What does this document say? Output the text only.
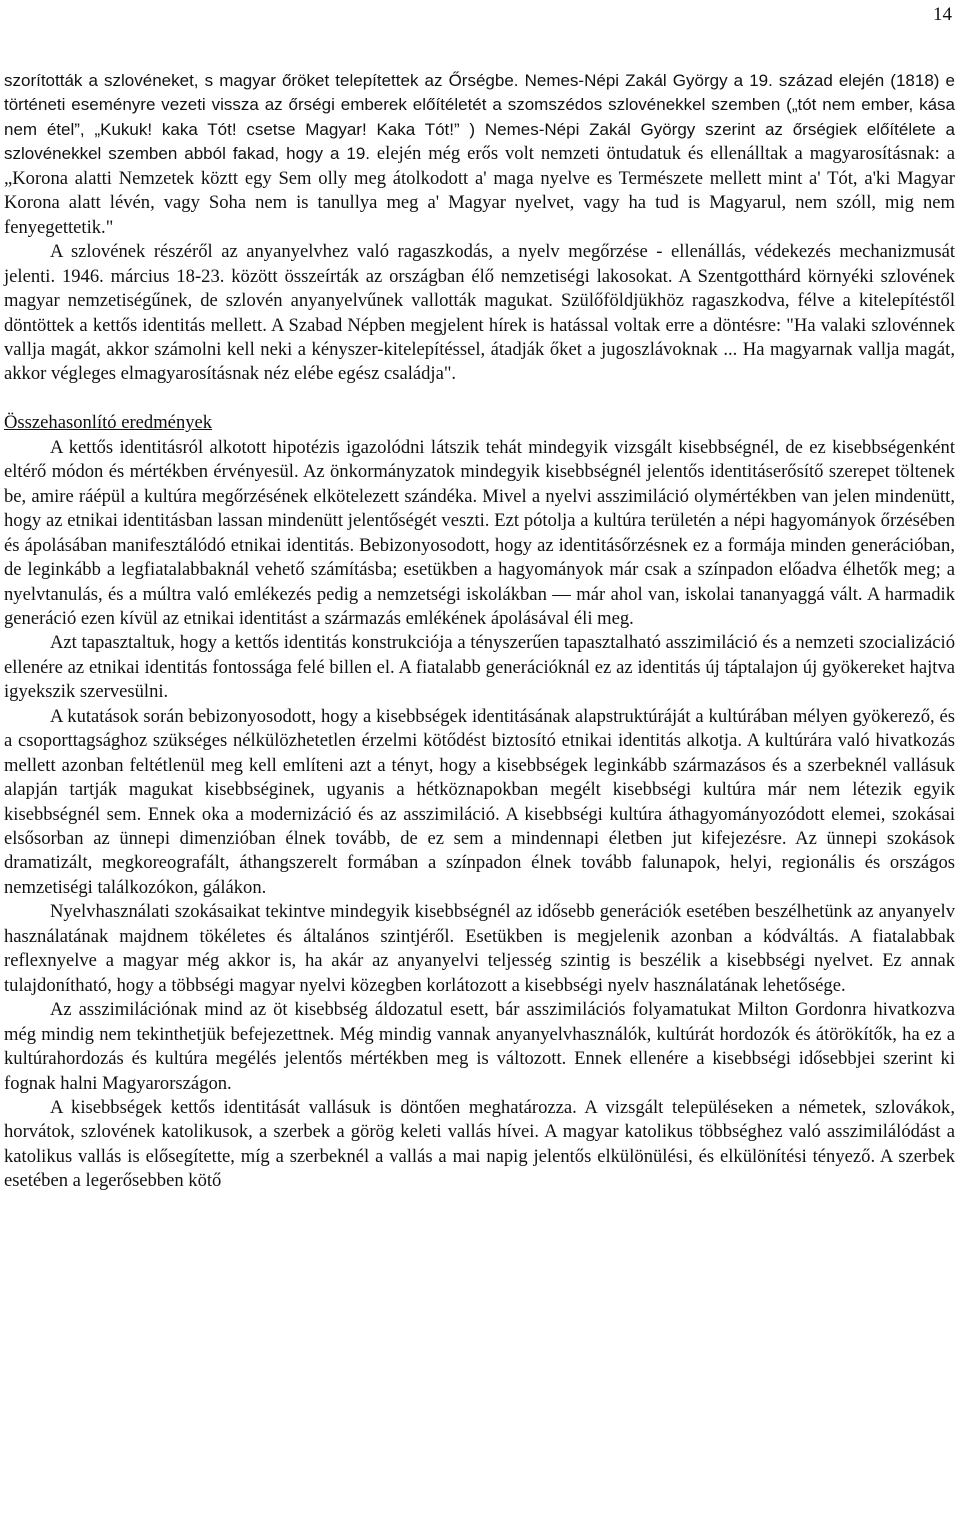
14

szorították a szlovéneket, s magyar őröket telepítettek az Őrségbe. Nemes-Népi Zakál György a 19. század elején (1818) e történeti eseményre vezeti vissza az őrségi emberek előítéletét a szomszédos szlovénekkel szemben („tót nem ember, kása nem étel”, „Kukuk! kaka Tót! csetse Magyar! Kaka Tót!” ) Nemes-Népi Zakál György szerint az őrségiek előítélete a szlovénekkel szemben abból fakad, hogy a 19. elején még erős volt nemzeti öntudatuk és ellenálltak a magyarosításnak: a „Korona alatti Nemzetek köztt egy Sem olly meg átolkodott a' maga nyelve es Természete mellett mint a' Tót, a'ki Magyar Korona alatt lévén, vagy Soha nem is tanullya meg a' Magyar nyelvet, vagy ha tud is Magyarul, nem szóll, mig nem fenyegettetik."

A szlovének részéről az anyanyelvhez való ragaszkodás, a nyelv megőrzése - ellenállás, védekezés mechanizmusát jelenti. 1946. március 18-23. között összeírták az országban élő nemzetiségi lakosokat. A Szentgotthárd környéki szlovének magyar nemzetiségűnek, de szlovén anyanyelvűnek vallották magukat. Szülőföldjükhöz ragaszkodva, félve a kitelepítéstől döntöttek a kettős identitás mellett. A Szabad Népben megjelent hírek is hatással voltak erre a döntésre: "Ha valaki szlovénnek vallja magát, akkor számolni kell neki a kényszer-kitelepítéssel, átadják őket a jugoszlávoknak ... Ha magyarnak vallja magát, akkor végleges elmagyarosításnak néz elébe egész családja".

Összehasonlító eredmények

A kettős identitásról alkotott hipotézis igazolódni látszik tehát mindegyik vizsgált kisebbségnél, de ez kisebbségenként eltérő módon és mértékben érvényesül. Az önkormányzatok mindegyik kisebbségnél jelentős identitáserősítő szerepet töltenek be, amire ráépül a kultúra megőrzésének elkötelezett szándéka. Mivel a nyelvi asszimiláció olymértékben van jelen mindenütt, hogy az etnikai identitásban lassan mindenütt jelentőségét veszti. Ezt pótolja a kultúra területén a népi hagyományok őrzésében és ápolásában manifesztálódó etnikai identitás. Bebizonyosodott, hogy az identitásőrzésnek ez a formája minden generációban, de leginkább a legfiatalabbaknál vehető számításba; esetükben a hagyományok már csak a színpadon előadva élhetők meg; a nyelvtanulás, és a múltra való emlékezés pedig a nemzetségi iskolákban — már ahol van, iskolai tananyaggá vált. A harmadik generáció ezen kívül az etnikai identitást a származás emlékének ápolásával éli meg.

Azt tapasztaltuk, hogy a kettős identitás konstrukciója a tényszerűen tapasztalható asszimiláció és a nemzeti szocializáció ellenére az etnikai identitás fontossága felé billen el. A fiatalabb generációknál ez az identitás új táptalajon új gyökereket hajtva igyekszik szervesülni.

A kutatások során bebizonyosodott, hogy a kisebbségek identitásának alapstruktúráját a kultúrában mélyen gyökerező, és a csoporttagsághoz szükséges nélkülözhetetlen érzelmi kötődést biztosító etnikai identitás alkotja. A kultúrára való hivatkozás mellett azonban feltétlenül meg kell említeni azt a tényt, hogy a kisebbségek leginkább származásos és a szerbeknél vallásuk alapján tartják magukat kisebbséginek, ugyanis a hétköznapokban megélt kisebbségi kultúra már nem létezik egyik kisebbségnél sem. Ennek oka a modernizáció és az asszimiláció. A kisebbségi kultúra áthagyományozódott elemei, szokásai elsősorban az ünnepi dimenzióban élnek tovább, de ez sem a mindennapi életben jut kifejezésre. Az ünnepi szokások dramatizált, megkoreografált, áthangszerelt formában a színpadon élnek tovább falunapok, helyi, regionális és országos nemzetiségi találkozókon, gálákon.

Nyelvhasználati szokásaikat tekintve mindegyik kisebbségnél az idősebb generációk esetében beszélhetünk az anyanyelv használatának majdnem tökéletes és általános szintjéről. Esetükben is megjelenik azonban a kódváltás. A fiatalabbak reflexnyelve a magyar még akkor is, ha akár az anyanyelvi teljesség szintig is beszélik a kisebbségi nyelvet. Ez annak tulajdonítható, hogy a többségi magyar nyelvi közegben korlátozott a kisebbségi nyelv használatának lehetősége.

Az asszimilációnak mind az öt kisebbség áldozatul esett, bár asszimilációs folyamatukat Milton Gordonra hivatkozva még mindig nem tekinthetjük befejezettnek. Még mindig vannak anyanyelvhasználók, kultúrát hordozók és átörökítők, ha ez a kultúrahordozás és kultúra megélés jelentős mértékben meg is változott. Ennek ellenére a kisebbségi idősebbjei szerint ki fognak halni Magyarországon.

A kisebbségek kettős identitását vallásuk is döntően meghatározza. A vizsgált településeken a németek, szlovákok, horvátok, szlovének katolikusok, a szerbek a görög keleti vallás hívei. A magyar katolikus többséghez való asszimilálódást a katolikus vallás is elősegítette, míg a szerbeknél a vallás a mai napig jelentős elkülönülési, és elkülönítési tényező. A szerbek esetében a legerősebben kötő
